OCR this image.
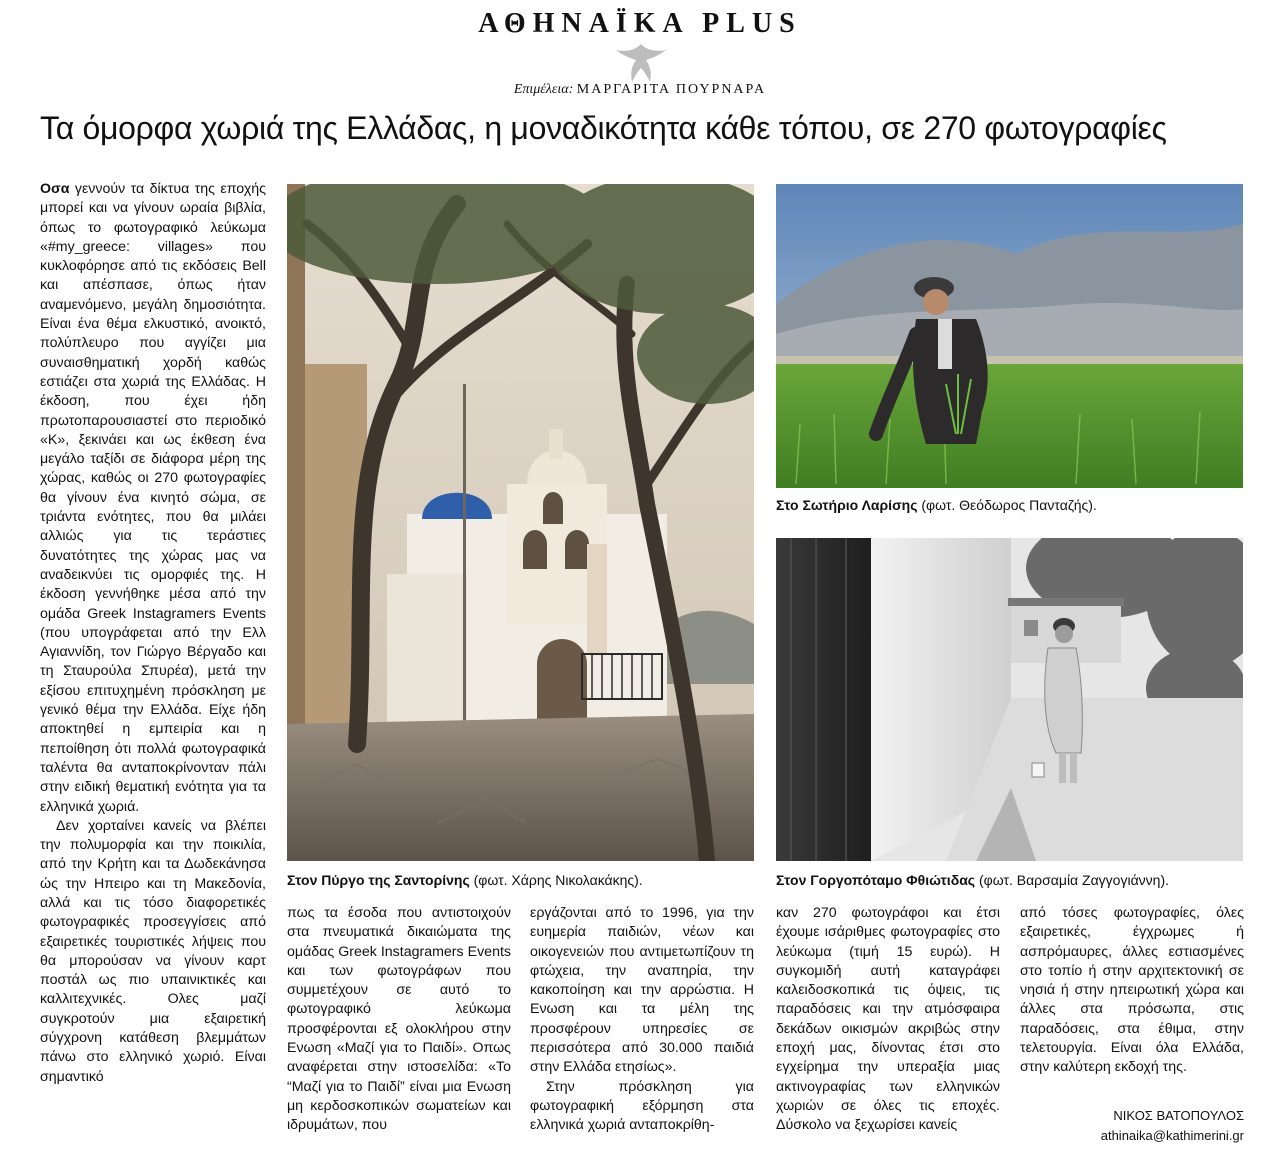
ΑΘΗΝΑΪΚΑ PLUS
Επιμέλεια: ΜΑΡΓΑΡΙΤΑ ΠΟΥΡΝΑΡΑ
Τα όμορφα χωριά της Ελλάδας, η μοναδικότητα κάθε τόπου, σε 270 φωτογραφίες

Οσα γεννούν τα δίκτυα της εποχής μπορεί και να γίνουν ωραία βιβλία, όπως το φωτογραφικό λεύκωμα «#my_greece: villages» που κυκλοφόρησε από τις εκδόσεις Bell και απέσπασε, όπως ήταν αναμενόμενο, μεγάλη δημοσιότητα. Είναι ένα θέμα ελκυστικό, ανοικτό, πολύπλευρο που αγγίζει μια συναισθηματική χορδή καθώς εστιάζει στα χωριά της Ελλάδας. Η έκδοση, που έχει ήδη πρωτοπαρουσιαστεί στο περιοδικό «Κ», ξεκινάει και ως έκθεση ένα μεγάλο ταξίδι σε διάφορα μέρη της χώρας, καθώς οι 270 φωτογραφίες θα γίνουν ένα κινητό σώμα, σε τριάντα ενότητες, που θα μιλάει αλλιώς για τις τεράστιες δυνατότητες της χώρας μας να αναδεικνύει τις ομορφιές της. Η έκδοση γεννήθηκε μέσα από την ομάδα Greek Instagramers Events (που υπογράφεται από την Ελλ Αγιαννίδη, τον Γιώργο Βέργαδο και τη Σταυρούλα Σπυρέα), μετά την εξίσου επιτυχημένη πρόσκληση με γενικό θέμα την Ελλάδα. Είχε ήδη αποκτηθεί η εμπειρία και η πεποίθηση ότι πολλά φωτογραφικά ταλέντα θα ανταποκρίνονταν πάλι στην ειδική θεματική ενότητα για τα ελληνικά χωριά.

Δεν χορταίνει κανείς να βλέπει την πολυμορφία και την ποικιλία, από την Κρήτη και τα Δωδεκάνησα ώς την Ηπειρο και τη Μακεδονία, αλλά και τις τόσο διαφορετικές φωτογραφικές προσεγγίσεις από εξαιρετικές τουριστικές λήψεις που θα μπορούσαν να γίνουν καρτ ποστάλ ως πιο υπαινικτικές και καλλιτεχνικές. Ολες μαζί συγκροτούν μια εξαιρετική σύγχρονη κατάθεση βλεμμάτων πάνω στο ελληνικό χωριό. Είναι σημαντικό

Στον Πύργο της Σαντορίνης (φωτ. Χάρης Νικολακάκης).
Στο Σωτήριο Λαρίσης (φωτ. Θεόδωρος Πανταζής).
Στον Γοργοπόταμο Φθιώτιδας (φωτ. Βαρσαμία Ζαγγογιάννη).

πως τα έσοδα που αντιστοιχούν στα πνευματικά δικαιώματα της ομάδας Greek Instagramers Events και των φωτογράφων που συμμετέχουν σε αυτό το φωτογραφικό λεύκωμα προσφέρονται εξ ολοκλήρου στην Ενωση «Μαζί για το Παιδί». Οπως αναφέρεται στην ιστοσελίδα: «Το “Μαζί για το Παιδί” είναι μια Ενωση μη κερδοσκοπικών σωματείων και ιδρυμάτων, που

εργάζονται από το 1996, για την ευημερία παιδιών, νέων και οικογενειών που αντιμετωπίζουν τη φτώχεια, την αναπηρία, την κακοποίηση και την αρρώστια. Η Ενωση και τα μέλη της προσφέρουν υπηρεσίες σε περισσότερα από 30.000 παιδιά στην Ελλάδα ετησίως».

Στην πρόσκληση για φωτογραφική εξόρμηση στα ελληνικά χωριά ανταποκρίθη-

καν 270 φωτογράφοι και έτσι έχουμε ισάριθμες φωτογραφίες στο λεύκωμα (τιμή 15 ευρώ). Η συγκομιδή αυτή καταγράφει καλειδοσκοπικά τις όψεις, τις παραδόσεις και την ατμόσφαιρα δεκάδων οικισμών ακριβώς στην εποχή μας, δίνοντας έτσι στο εγχείρημα την υπεραξία μιας ακτινογραφίας των ελληνικών χωριών σε όλες τις εποχές. Δύσκολο να ξεχωρίσει κανείς

από τόσες φωτογραφίες, όλες εξαιρετικές, έγχρωμες ή ασπρόμαυρες, άλλες εστιασμένες στο τοπίο ή στην αρχιτεκτονική σε νησιά ή στην ηπειρωτική χώρα και άλλες στα πρόσωπα, στις παραδόσεις, στα έθιμα, στην τελετουργία. Είναι όλα Ελλάδα, στην καλύτερη εκδοχή της.

ΝΙΚΟΣ ΒΑΤΟΠΟΥΛΟΣ
athinaika@kathimerini.gr
